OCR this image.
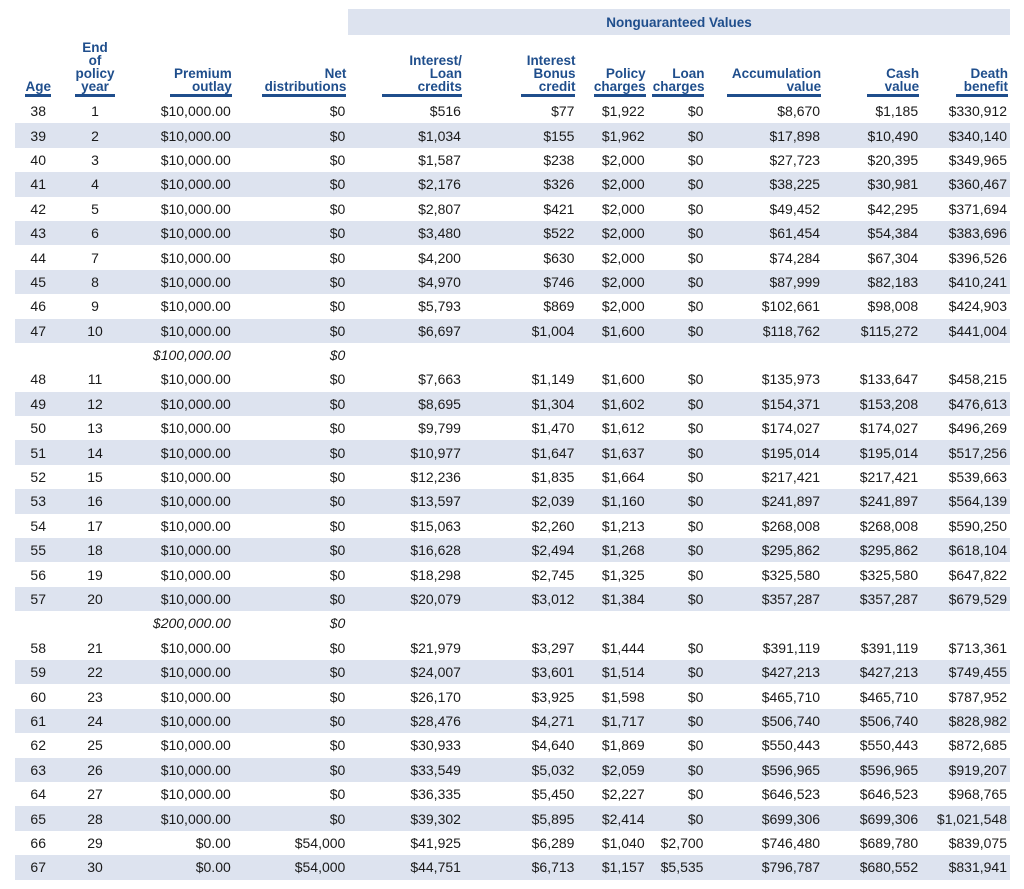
Nonguaranteed Values
Age	End of policy year	Premium outlay	Net distributions	Interest/ Loan credits	Interest Bonus credit	Policy charges	Loan charges	Accumulation value	Cash value	Death benefit
38	1	$10,000.00	$0	$516	$77	$1,922	$0	$8,670	$1,185	$330,912
39	2	$10,000.00	$0	$1,034	$155	$1,962	$0	$17,898	$10,490	$340,140
40	3	$10,000.00	$0	$1,587	$238	$2,000	$0	$27,723	$20,395	$349,965
41	4	$10,000.00	$0	$2,176	$326	$2,000	$0	$38,225	$30,981	$360,467
42	5	$10,000.00	$0	$2,807	$421	$2,000	$0	$49,452	$42,295	$371,694
43	6	$10,000.00	$0	$3,480	$522	$2,000	$0	$61,454	$54,384	$383,696
44	7	$10,000.00	$0	$4,200	$630	$2,000	$0	$74,284	$67,304	$396,526
45	8	$10,000.00	$0	$4,970	$746	$2,000	$0	$87,999	$82,183	$410,241
46	9	$10,000.00	$0	$5,793	$869	$2,000	$0	$102,661	$98,008	$424,903
47	10	$10,000.00	$0	$6,697	$1,004	$1,600	$0	$118,762	$115,272	$441,004
		$100,000.00	$0							
48	11	$10,000.00	$0	$7,663	$1,149	$1,600	$0	$135,973	$133,647	$458,215
49	12	$10,000.00	$0	$8,695	$1,304	$1,602	$0	$154,371	$153,208	$476,613
50	13	$10,000.00	$0	$9,799	$1,470	$1,612	$0	$174,027	$174,027	$496,269
51	14	$10,000.00	$0	$10,977	$1,647	$1,637	$0	$195,014	$195,014	$517,256
52	15	$10,000.00	$0	$12,236	$1,835	$1,664	$0	$217,421	$217,421	$539,663
53	16	$10,000.00	$0	$13,597	$2,039	$1,160	$0	$241,897	$241,897	$564,139
54	17	$10,000.00	$0	$15,063	$2,260	$1,213	$0	$268,008	$268,008	$590,250
55	18	$10,000.00	$0	$16,628	$2,494	$1,268	$0	$295,862	$295,862	$618,104
56	19	$10,000.00	$0	$18,298	$2,745	$1,325	$0	$325,580	$325,580	$647,822
57	20	$10,000.00	$0	$20,079	$3,012	$1,384	$0	$357,287	$357,287	$679,529
		$200,000.00	$0							
58	21	$10,000.00	$0	$21,979	$3,297	$1,444	$0	$391,119	$391,119	$713,361
59	22	$10,000.00	$0	$24,007	$3,601	$1,514	$0	$427,213	$427,213	$749,455
60	23	$10,000.00	$0	$26,170	$3,925	$1,598	$0	$465,710	$465,710	$787,952
61	24	$10,000.00	$0	$28,476	$4,271	$1,717	$0	$506,740	$506,740	$828,982
62	25	$10,000.00	$0	$30,933	$4,640	$1,869	$0	$550,443	$550,443	$872,685
63	26	$10,000.00	$0	$33,549	$5,032	$2,059	$0	$596,965	$596,965	$919,207
64	27	$10,000.00	$0	$36,335	$5,450	$2,227	$0	$646,523	$646,523	$968,765
65	28	$10,000.00	$0	$39,302	$5,895	$2,414	$0	$699,306	$699,306	$1,021,548
66	29	$0.00	$54,000	$41,925	$6,289	$1,040	$2,700	$746,480	$689,780	$839,075
67	30	$0.00	$54,000	$44,751	$6,713	$1,157	$5,535	$796,787	$680,552	$831,941
